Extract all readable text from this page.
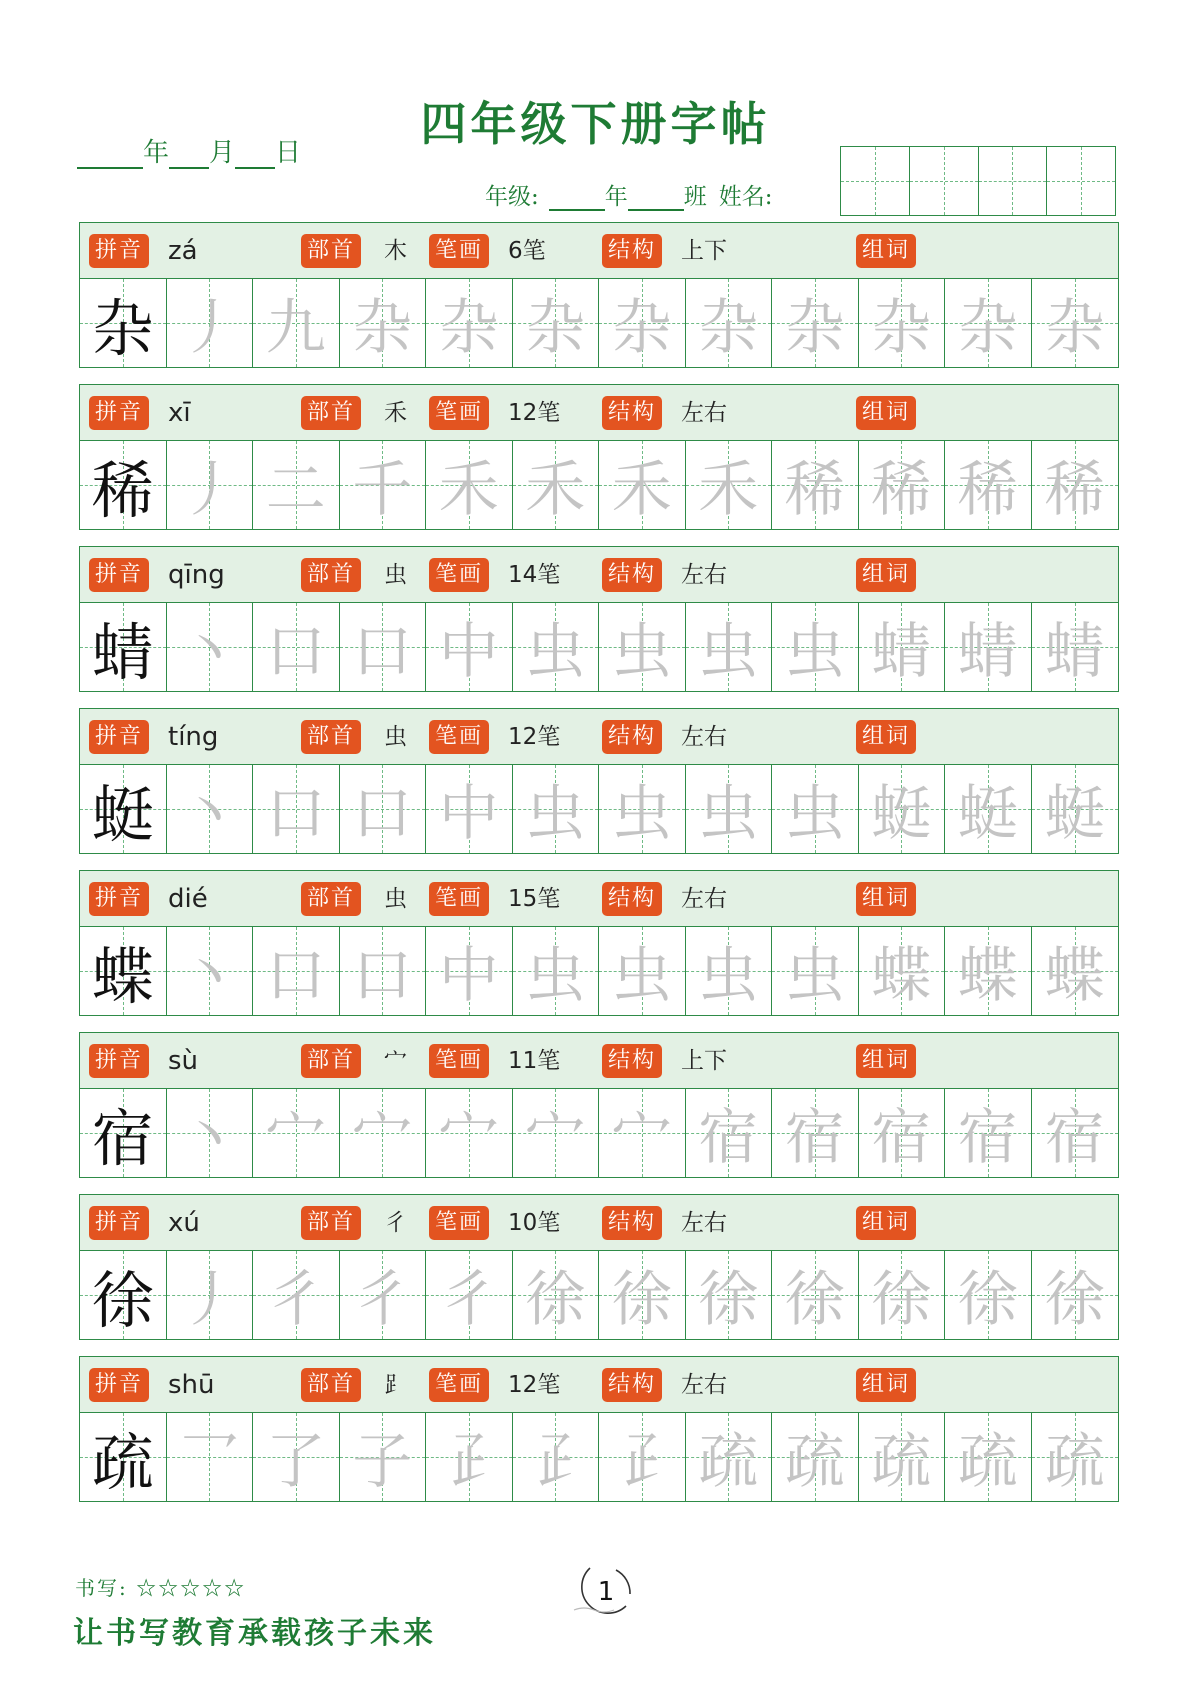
四年级下册字帖
年 月 日
年级:	年 班 姓名:
拼音	部首	笔画	结构	组词
zá	木	6笔	上下
杂 丿 九 杂 杂 杂 杂 杂 杂 杂 杂 杂
拼音	部首	笔画	结构	组词
xī	禾	12笔	左右
稀 丿 二 千 禾 禾 禾 禾 稀 稀 稀 稀
拼音	部首	笔画	结构	组词
qīng	虫	14笔	左右
蜻 丶 口 口 中 虫 虫 虫 虫 蜻 蜻 蜻
拼音	部首	笔画	结构	组词
tíng	虫	12笔	左右
蜓 丶 口 口 中 虫 虫 虫 虫 蜓 蜓 蜓
拼音	部首	笔画	结构	组词
dié	虫	15笔	左右
蝶 丶 口 口 中 虫 虫 虫 虫 蝶 蝶 蝶
拼音	部首	笔画	结构	组词
sù	宀	11笔	上下
宿 丶 宀 宀 宀 宀 宀 宿 宿 宿 宿 宿
拼音	部首	笔画	结构	组词
xú	彳	10笔	左右
徐 丿 彳 彳 彳 徐 徐 徐 徐 徐 徐 徐
拼音	部首	笔画	结构	组词
shū	⻊	12笔	左右
疏 乛 了 子 𤴔 𤴔 𤴔 疏 疏 疏 疏 疏
书写: ☆☆☆☆☆
让书写教育承载孩子未来
1
